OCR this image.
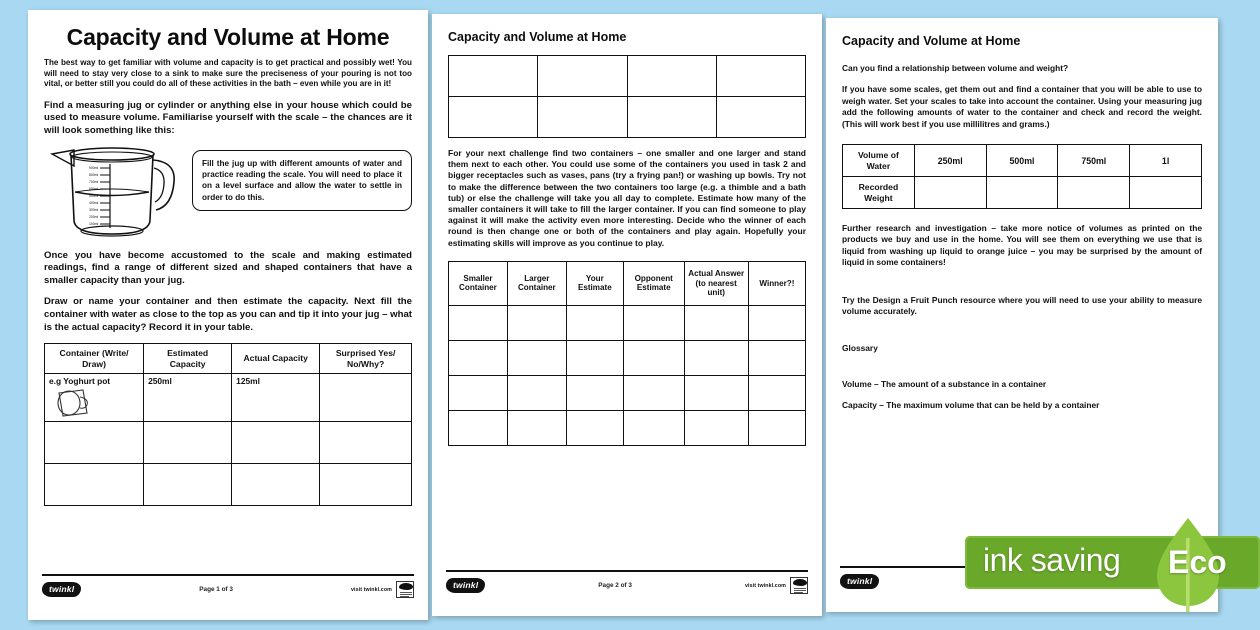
Capacity and Volume at Home
The best way to get familiar with volume and capacity is to get practical and possibly wet! You will need to stay very close to a sink to make sure the preciseness of your pouring is not too vital, or better still you could do all of these activities in the bath – even while you are in it!
Find a measuring jug or cylinder or anything else in your house which could be used to measure volume. Familiarise yourself with the scale – the chances are it will look something like this:
900ml
800ml
700ml
600ml
500ml
400ml
300ml
200ml
100ml
Fill the jug up with different amounts of water and practice reading the scale. You will need to place it on a level surface and allow the water to settle in order to do this.
Once you have become accustomed to the scale and making estimated readings, find a range of different sized and shaped containers that have a smaller capacity than your jug.
Draw or name your container and then estimate the capacity. Next fill the container with water as close to the top as you can and tip it into your jug – what is the actual capacity? Record it in your table.
Container (Write/ Draw)	Estimated Capacity	Actual Capacity	Surprised Yes/ No/Why?
e.g Yoghurt pot	250ml	125ml	

twinkl	Page 1 of 3	visit twinkl.com
Capacity and Volume at Home

For your next challenge find two containers – one smaller and one larger and stand them next to each other. You could use some of the containers you used in task 2 and bigger receptacles such as vases, pans (try a frying pan!) or washing up bowls. Try not to make the difference between the two containers too large (e.g. a thimble and a bath tub) or else the challenge will take you all day to complete. Estimate how many of the smaller containers it will take to fill the larger container. If you can find someone to play against it will make the activity even more interesting. Decide who the winner of each round is then change one or both of the containers and play again. Hopefully your estimating skills will improve as you continue to play.
Smaller Container	Larger Container	Your Estimate	Opponent Estimate	Actual Answer (to nearest unit)	Winner?!

twinkl	Page 2 of 3	visit twinkl.com
Capacity and Volume at Home
Can you find a relationship between volume and weight?
If you have some scales, get them out and find a container that you will be able to use to weigh water. Set your scales to take into account the container. Using your measuring jug add the following amounts of water to the container and check and record the weight. (This will work best if you use millilitres and grams.)
Volume of Water	250ml	500ml	750ml	1l
Recorded Weight				
Further research and investigation – take more notice of volumes as printed on the products we buy and use in the home. You will see them on everything we use that is liquid from washing up liquid to orange juice – you may be surprised by the amount of liquid in some containers!
Try the Design a Fruit Punch resource where you will need to use your ability to measure volume accurately.
Glossary
Volume – The amount of a substance in a container
Capacity – The maximum volume that can be held by a container
twinkl
ink saving Eco
